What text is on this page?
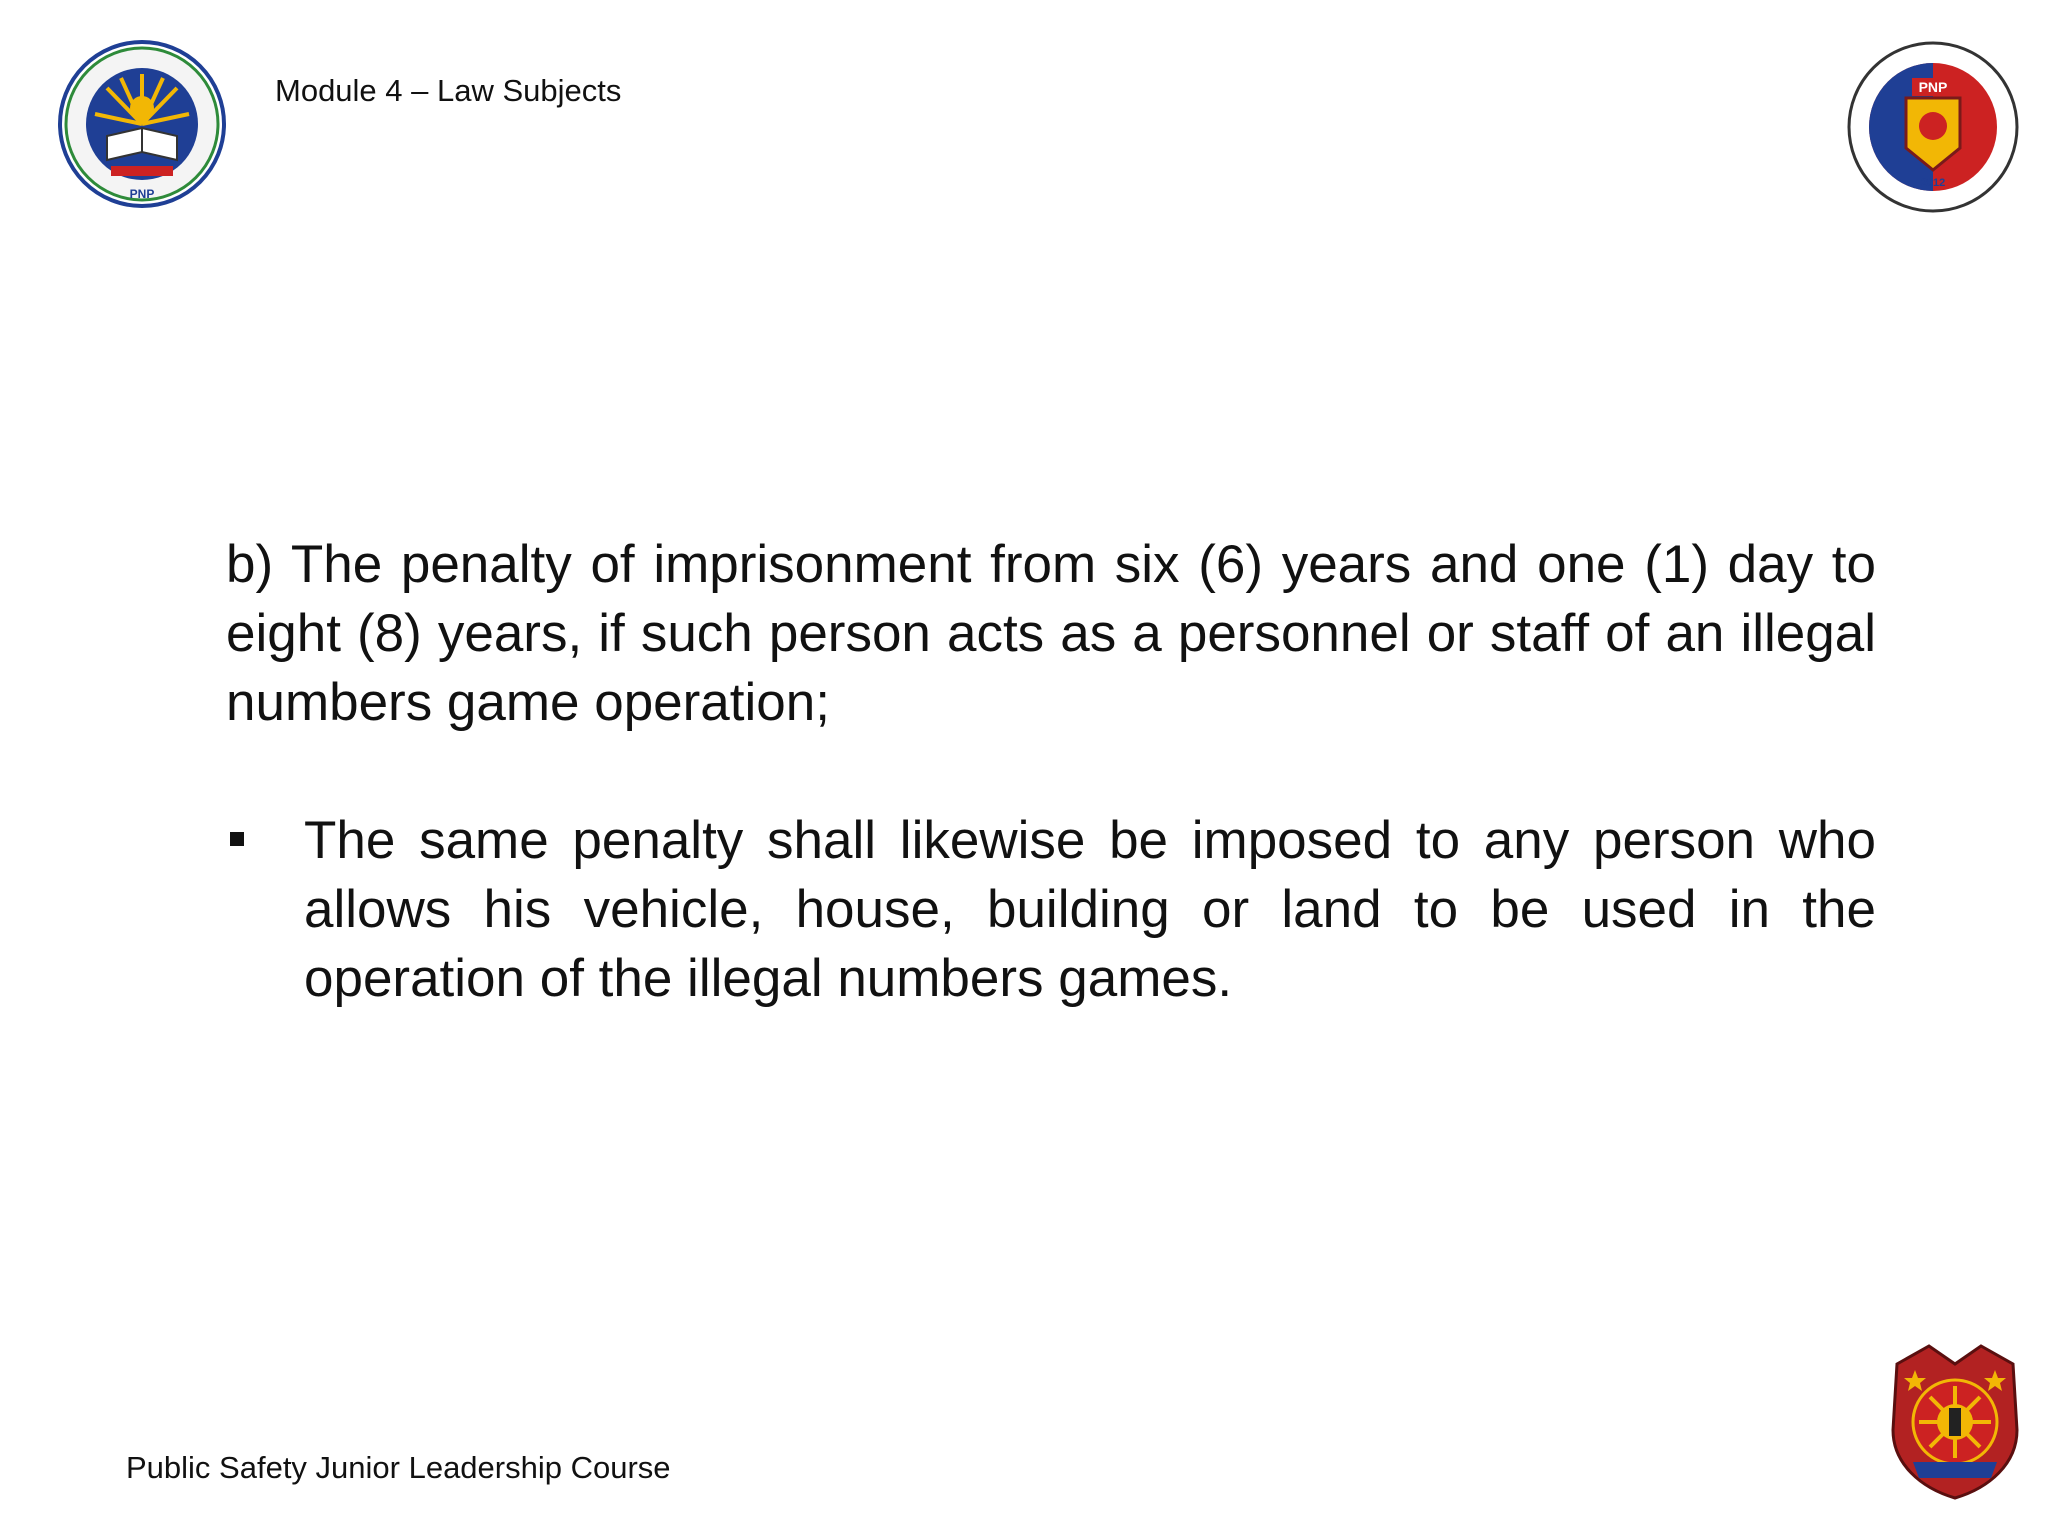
PNP
Module 4 – Law Subjects	PNP
2012

b) The penalty of imprisonment from six (6) years and one (1) day to eight (8) years, if such person acts as a personnel or staff of an illegal numbers game operation;

The same penalty shall likewise be imposed to any person who allows his vehicle, house, building or land to be used in the operation of the illegal numbers games.

Public Safety Junior Leadership Course
